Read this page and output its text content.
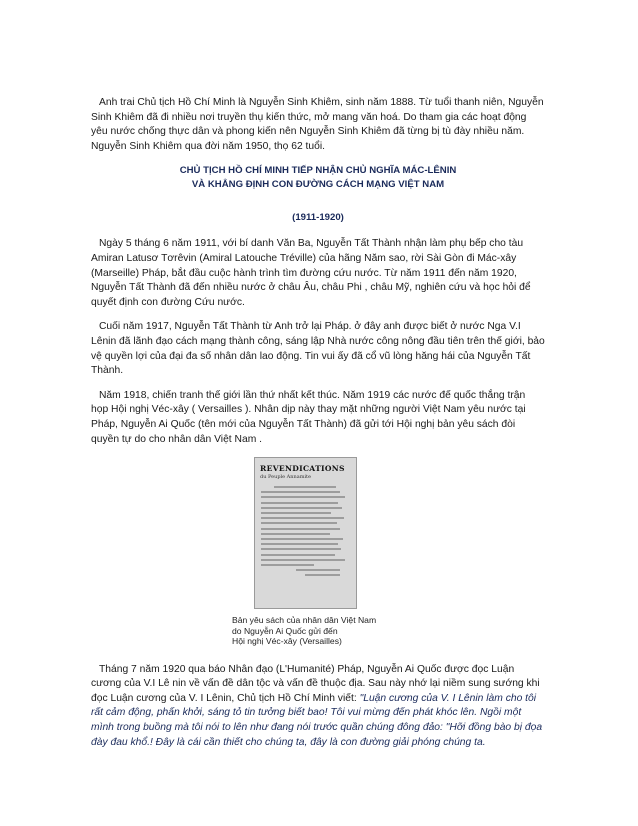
Anh trai Chủ tịch Hồ Chí Minh là Nguyễn Sinh Khiêm, sinh năm 1888. Từ tuổi thanh niên, Nguyễn Sinh Khiêm đã đi nhiều nơi truyền thụ kiến thức, mở mang văn hoá. Do tham gia các hoạt động yêu nước chống thực dân và phong kiến nên Nguyễn Sinh Khiêm đã từng bị tù đày nhiều năm. Nguyễn Sinh Khiêm qua đời năm 1950, thọ 62 tuổi.

CHỦ TỊCH HỒ CHÍ MINH TIẾP NHẬN CHỦ NGHĨA MÁC-LÊNIN
VÀ KHẲNG ĐỊNH CON ĐƯỜNG CÁCH MẠNG VIỆT NAM
(1911-1920)

Ngày 5 tháng 6 năm 1911, với bí danh Văn Ba, Nguyễn Tất Thành nhận làm phụ bếp cho tàu Amiran Latusơ Tơrêvin (Amiral Latouche Tréville) của hãng Năm sao, rời Sài Gòn đi Mác-xây (Marseille) Pháp, bắt đầu cuộc hành trình tìm đường cứu nước. Từ năm 1911 đến năm 1920, Nguyễn Tất Thành đã đến nhiều nước ở châu Âu, châu Phi , châu Mỹ, nghiên cứu và học hỏi để quyết định con đường Cứu nước.

Cuối năm 1917, Nguyễn Tất Thành từ Anh trở lại Pháp. ở đây anh được biết ở nước Nga V.I Lênin đã lãnh đạo cách mạng thành công, sáng lập Nhà nước công nông đầu tiên trên thế giới, bảo vệ quyền lợi của đại đa số nhân dân lao động. Tin vui ấy đã cổ vũ lòng hăng hái của Nguyễn Tất Thành.

Năm 1918, chiến tranh thế giới lần thứ nhất kết thúc. Năm 1919 các nước đế quốc thắng trận họp Hội nghị Véc-xây ( Versailles ). Nhân dịp này thay mặt những người Việt Nam yêu nước tại Pháp, Nguyễn Ai Quốc (tên mới của Nguyễn Tất Thành) đã gửi tới Hội nghị bản yêu sách đòi quyền tự do cho nhân dân Việt Nam .

REVENDICATIONS
du Peuple Annamite
Bản yêu sách của nhân dân Việt Nam
do Nguyễn Ai Quốc gửi đến
Hội nghị Véc-xây (Versailles)

Tháng 7 năm 1920 qua báo Nhân đạo (L'Humanité) Pháp, Nguyễn Ai Quốc được đọc Luận cương của V.I Lê nin về vấn đề dân tộc và vấn đề thuộc địa. Sau này nhớ lại niềm sung sướng khi đọc Luận cương của V. I Lênin, Chủ tịch Hồ Chí Minh viết: "Luận cương của V. I Lênin làm cho tôi rất cảm động, phấn khởi, sáng tỏ tin tưởng biết bao! Tôi vui mừng đến phát khóc lên. Ngồi một mình trong buồng mà tôi nói to lên như đang nói trước quần chúng đông đảo: "Hỡi đồng bào bị đọa đày đau khổ.! Đây là cái cần thiết cho chúng ta, đây là con đường giải phóng chúng ta.
